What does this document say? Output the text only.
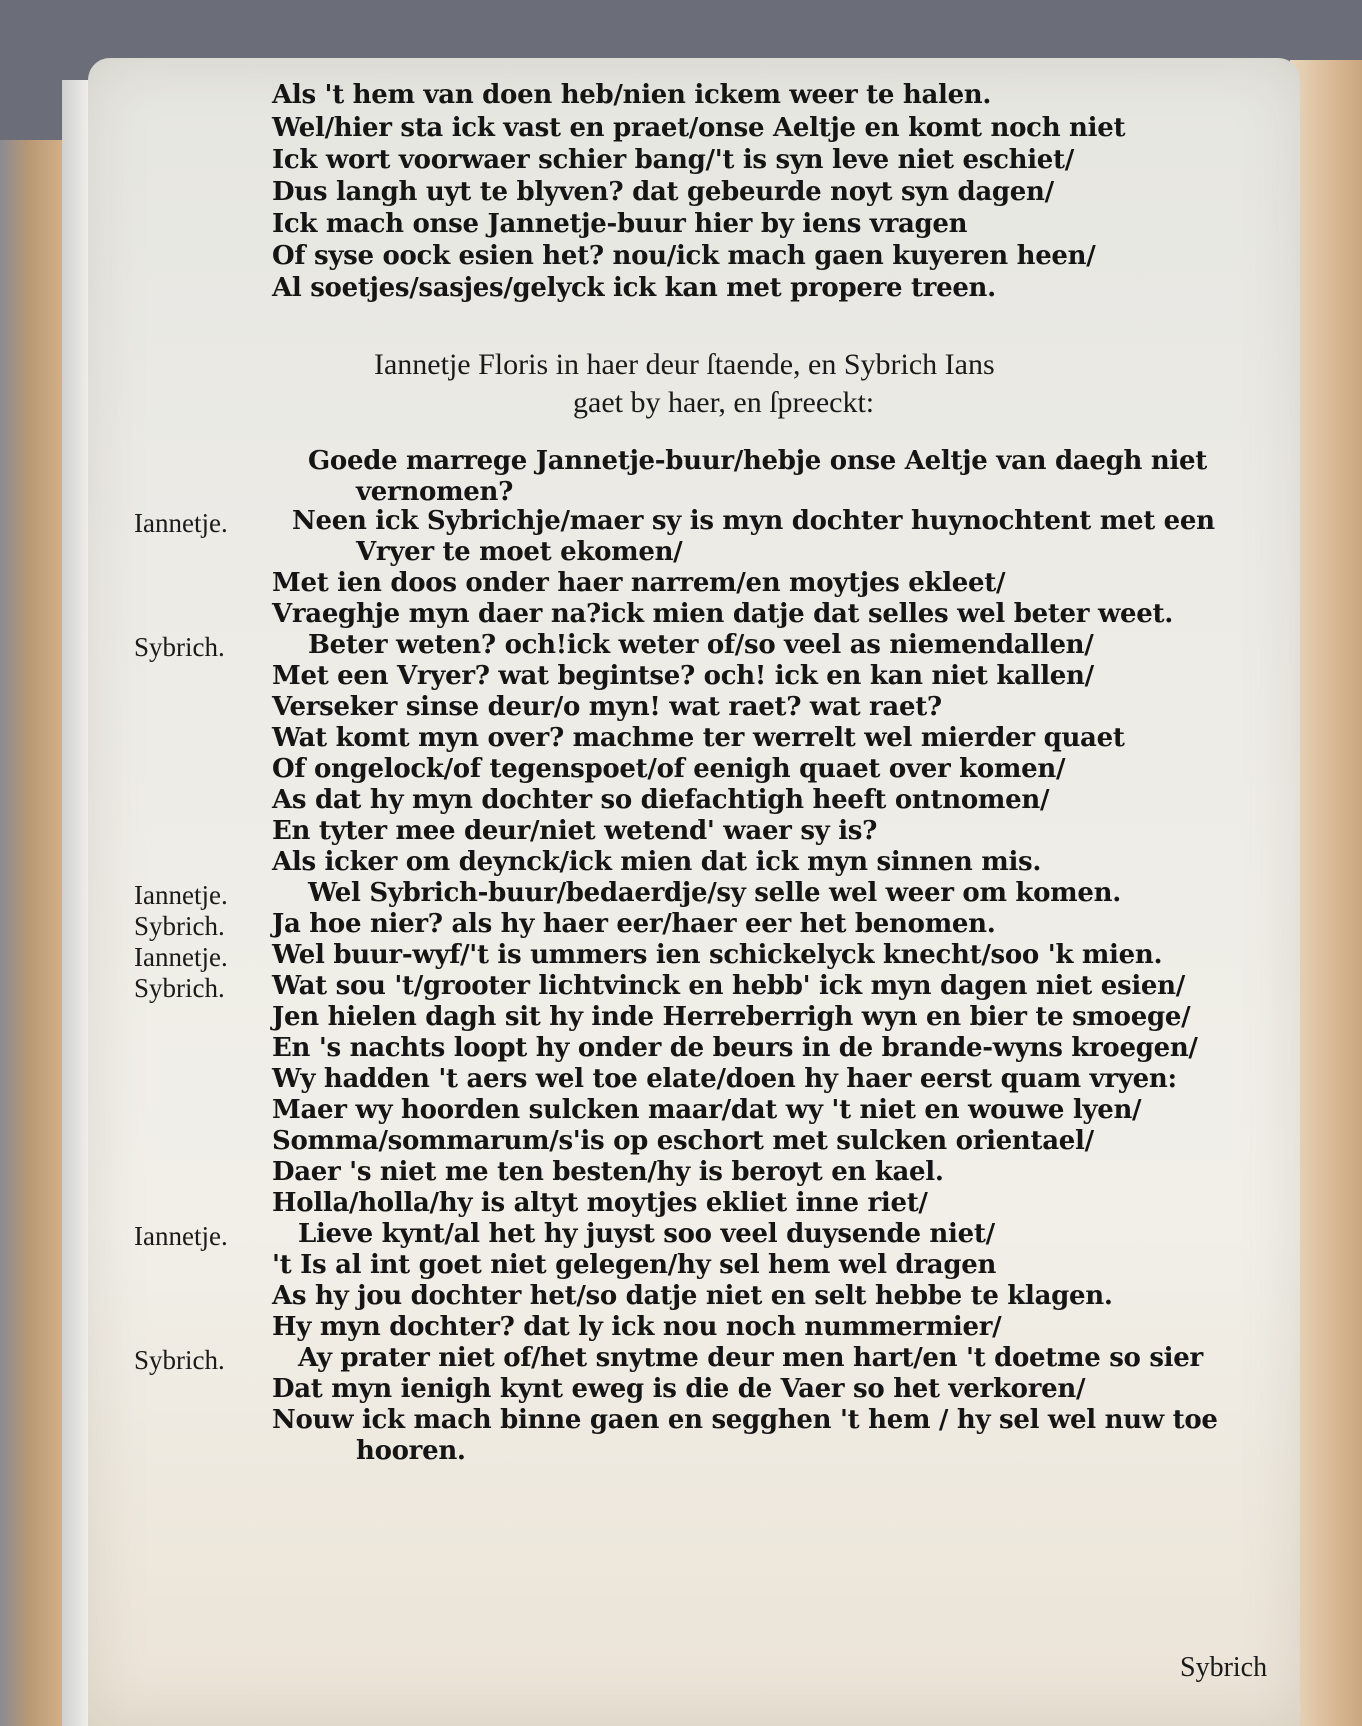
Als 't hem van doen heb/nien ickem weer te halen.
Wel/hier sta ick vast en praet/onse Aeltje en komt noch niet
Ick wort voorwaer schier bang/'t is syn leve niet eschiet/
Dus langh uyt te blyven? dat gebeurde noyt syn dagen/
Ick mach onse Jannetje-buur hier by iens vragen
Of syse oock esien het? nou/ick mach gaen kuyeren heen/
Al soetjes/sasjes/gelyck ick kan met propere treen.
Iannetje Floris in haer deur ſtaende, en Sybrich Ians
gaet by haer, en ſpreeckt:
Goede marrege Jannetje-buur/hebje onse Aeltje van daegh niet
vernomen?
Iannetje. Neen ick Sybrichje/maer sy is myn dochter huynochtent met een
Vryer te moet ekomen/
Met ien doos onder haer narrem/en moytjes ekleet/
Vraeghje myn daer na?ick mien datje dat selles wel beter weet.
Sybrich.	Beter weten? och!ick weter of/so veel as niemendallen/
Met een Vryer? wat begintse? och! ick en kan niet kallen/
Verseker sinse deur/o myn! wat raet? wat raet?
Wat komt myn over? machme ter werrelt wel mierder quaet
Of ongelock/of tegenspoet/of eenigh quaet over komen/
As dat hy myn dochter so diefachtigh heeft ontnomen/
En tyter mee deur/niet wetend' waer sy is?
Als icker om deynck/ick mien dat ick myn sinnen mis.
Iannetje.	Wel Sybrich-buur/bedaerdje/sy selle wel weer om komen.
Sybrich. Ja hoe nier? als hy haer eer/haer eer het benomen.
Iannetje. Wel buur-wyf/'t is ummers ien schickelyck knecht/soo 'k mien.
Sybrich. Wat sou 't/grooter lichtvinck en hebb' ick myn dagen niet esien/
Jen hielen dagh sit hy inde Herreberrigh wyn en bier te smoege/
En 's nachts loopt hy onder de beurs in de brande-wyns kroegen/
Wy hadden 't aers wel toe elate/doen hy haer eerst quam vryen:
Maer wy hoorden sulcken maar/dat wy 't niet en wouwe lyen/
Somma/sommarum/s'is op eschort met sulcken orientael/
Daer 's niet me ten besten/hy is beroyt en kael.
Holla/holla/hy is altyt moytjes ekliet inne riet/
Iannetje.	Lieve kynt/al het hy juyst soo veel duysende niet/
't Is al int goet niet gelegen/hy sel hem wel dragen
As hy jou dochter het/so datje niet en selt hebbe te klagen.
Hy myn dochter? dat ly ick nou noch nummermier/
Sybrich.	Ay prater niet of/het snytme deur men hart/en 't doetme so sier
Dat myn ienigh kynt eweg is die de Vaer so het verkoren/
Nouw ick mach binne gaen en segghen 't hem / hy sel wel nuw toe
hooren.
Sybrich
